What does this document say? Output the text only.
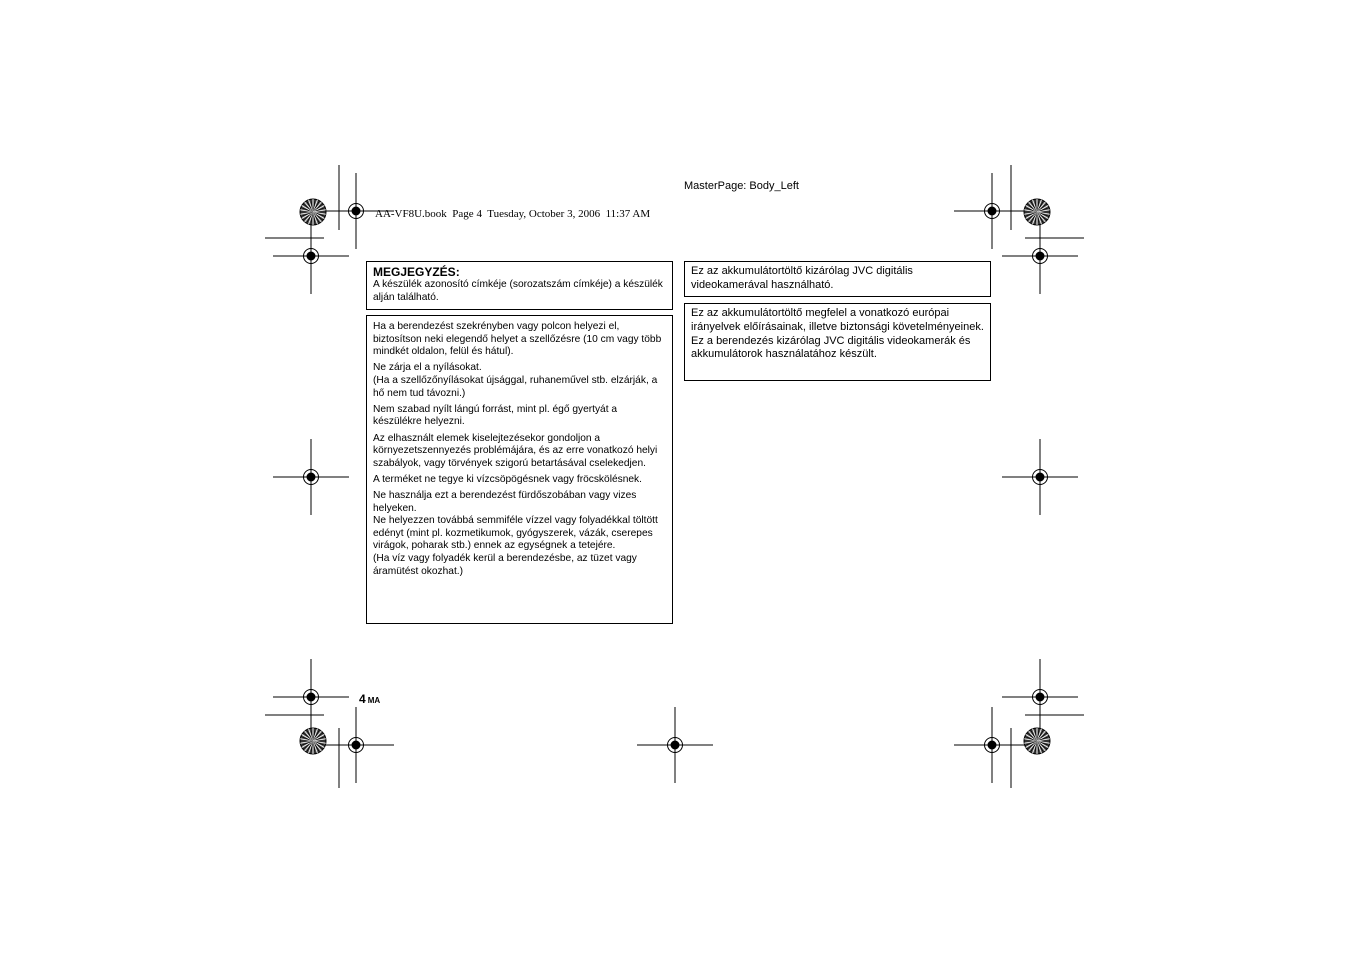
MasterPage: Body_Left
AA-VF8U.book  Page 4  Tuesday, October 3, 2006  11:37 AM

MEGJEGYZÉS:

A készülék azonosító címkéje (sorozatszám címkéje) a készülék alján található.

Ha a berendezést szekrényben vagy polcon helyezi el, biztosítson neki elegendő helyet a szellőzésre (10 cm vagy több mindkét oldalon, felül és hátul).

Ne zárja el a nyílásokat.

(Ha a szellőzőnyílásokat újsággal, ruhaneművel stb. elzárják, a hő nem tud távozni.)

Nem szabad nyílt lángú forrást, mint pl. égő gyertyát a készülékre helyezni.

Az elhasznált elemek kiselejtezésekor gondoljon a környezetszennyezés problémájára, és az erre vonatkozó helyi szabályok, vagy törvények szigorú betartásával cselekedjen.

A terméket ne tegye ki vízcsöpögésnek vagy fröcskölésnek.

Ne használja ezt a berendezést fürdőszobában vagy vizes helyeken.

Ne helyezzen továbbá semmiféle vízzel vagy folyadékkal töltött edényt (mint pl. kozmetikumok, gyógyszerek, vázák, cserepes virágok, poharak stb.) ennek az egységnek a tetejére.

(Ha víz vagy folyadék kerül a berendezésbe, az tüzet vagy áramütést okozhat.)

Ez az akkumulátortöltő kizárólag JVC digitális videokamerával használható.

Ez az akkumulátortöltő megfelel a vonatkozó európai irányelvek előírásainak, illetve biztonsági követelményeinek.

Ez a berendezés kizárólag JVC digitális videokamerák és akkumulátorok használatához készült.

4 MA
